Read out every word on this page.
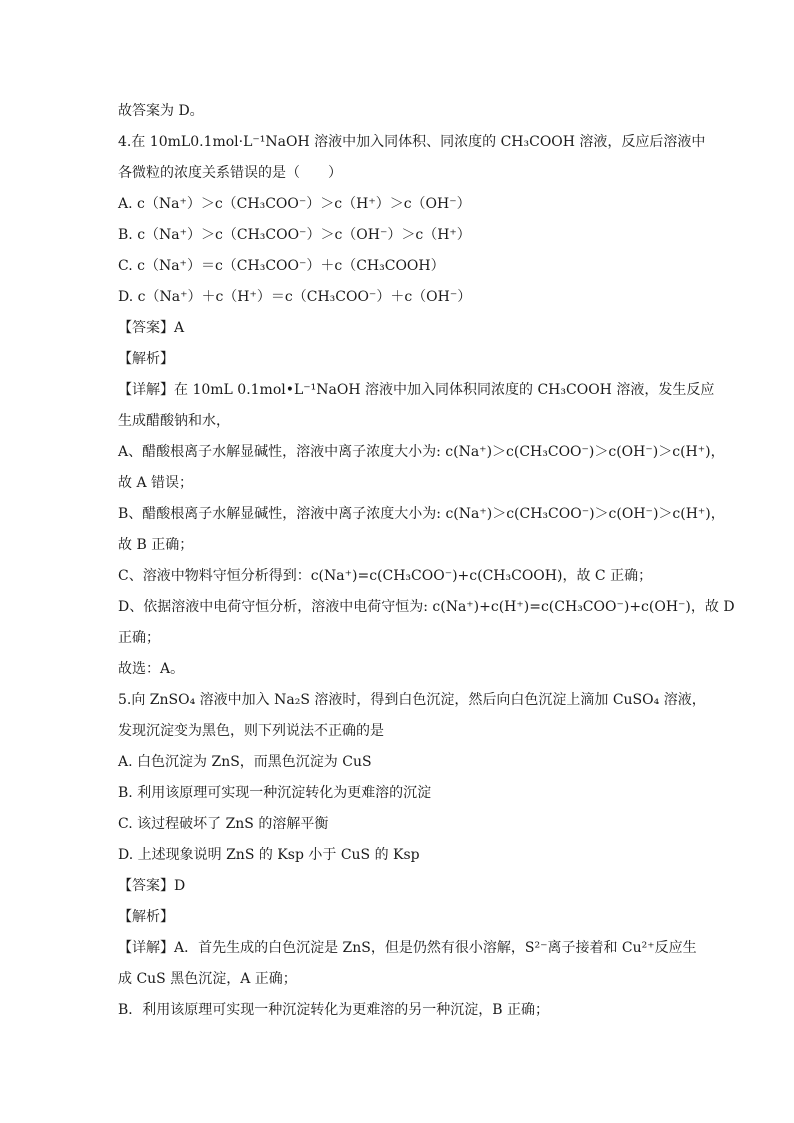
故答案为 D。
4.在 10mL0.1mol·L⁻¹NaOH 溶液中加入同体积、同浓度的 CH₃COOH 溶液，反应后溶液中
各微粒的浓度关系错误的是（　　）
A. c（Na⁺）＞c（CH₃COO⁻）＞c（H⁺）＞c（OH⁻）
B. c（Na⁺）＞c（CH₃COO⁻）＞c（OH⁻）＞c（H⁺）
C. c（Na⁺）＝c（CH₃COO⁻）＋c（CH₃COOH）
D. c（Na⁺）＋c（H⁺）＝c（CH₃COO⁻）＋c（OH⁻）
【答案】A
【解析】
【详解】在 10mL 0.1mol•L⁻¹NaOH 溶液中加入同体积同浓度的 CH₃COOH 溶液，发生反应
生成醋酸钠和水，
A、醋酸根离子水解显碱性，溶液中离子浓度大小为: c(Na⁺)＞c(CH₃COO⁻)＞c(OH⁻)＞c(H⁺)，
故 A 错误；
B、醋酸根离子水解显碱性，溶液中离子浓度大小为: c(Na⁺)＞c(CH₃COO⁻)＞c(OH⁻)＞c(H⁺)，
故 B 正确；
C、溶液中物料守恒分析得到：c(Na⁺)=c(CH₃COO⁻)+c(CH₃COOH)，故 C 正确；
D、依据溶液中电荷守恒分析，溶液中电荷守恒为: c(Na⁺)+c(H⁺)=c(CH₃COO⁻)+c(OH⁻)，故 D
正确；
故选：A。
5.向 ZnSO₄ 溶液中加入 Na₂S 溶液时，得到白色沉淀，然后向白色沉淀上滴加 CuSO₄ 溶液，
发现沉淀变为黑色，则下列说法不正确的是
A. 白色沉淀为 ZnS，而黑色沉淀为 CuS
B. 利用该原理可实现一种沉淀转化为更难溶的沉淀
C. 该过程破坏了 ZnS 的溶解平衡
D. 上述现象说明 ZnS 的 Ksp 小于 CuS 的 Ksp
【答案】D
【解析】
【详解】A．首先生成的白色沉淀是 ZnS，但是仍然有很小溶解，S²⁻离子接着和 Cu²⁺反应生
成 CuS 黑色沉淀，A 正确；
B．利用该原理可实现一种沉淀转化为更难溶的另一种沉淀，B 正确；
